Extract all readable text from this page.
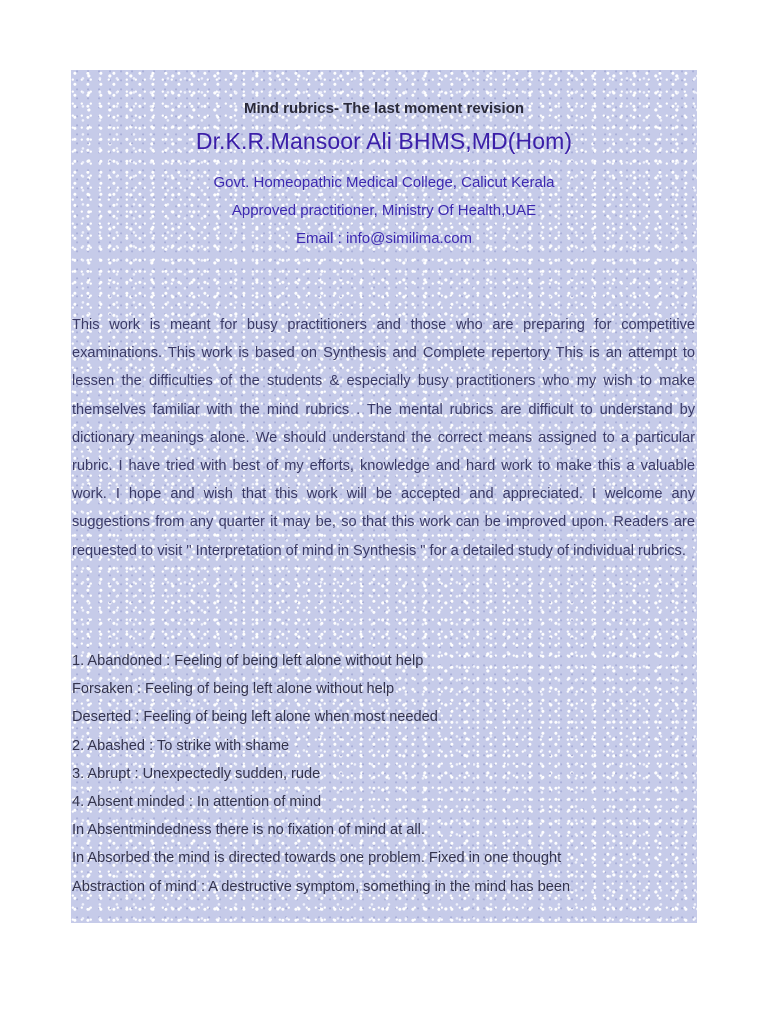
Mind rubrics- The last moment revision
Dr.K.R.Mansoor Ali BHMS,MD(Hom)
Govt. Homeopathic Medical College, Calicut Kerala
Approved practitioner, Ministry Of Health,UAE
Email : info@similima.com

This work is meant for busy practitioners and those who are preparing for competitive examinations. This work is based on Synthesis and Complete repertory This is an attempt to lessen the difficulties of the students & especially busy practitioners who my wish to make themselves familiar with the mind rubrics . The mental rubrics are difficult to understand by dictionary meanings alone. We should understand the correct means assigned to a particular rubric. I have tried with best of my efforts, knowledge and hard work to make this a valuable work. I hope and wish that this work will be accepted and appreciated. I welcome any suggestions from any quarter it may be, so that this work can be improved upon. Readers are requested to visit " Interpretation of mind in Synthesis " for a detailed study of individual rubrics.

1. Abandoned : Feeling of being left alone without help
Forsaken : Feeling of being left alone without help
Deserted : Feeling of being left alone when most needed
2. Abashed : To strike with shame
3. Abrupt : Unexpectedly sudden, rude
4. Absent minded : In attention of mind
In Absentmindedness there is no fixation of mind at all.
In Absorbed the mind is directed towards one problem. Fixed in one thought
Abstraction of mind : A destructive symptom, something in the mind has been
